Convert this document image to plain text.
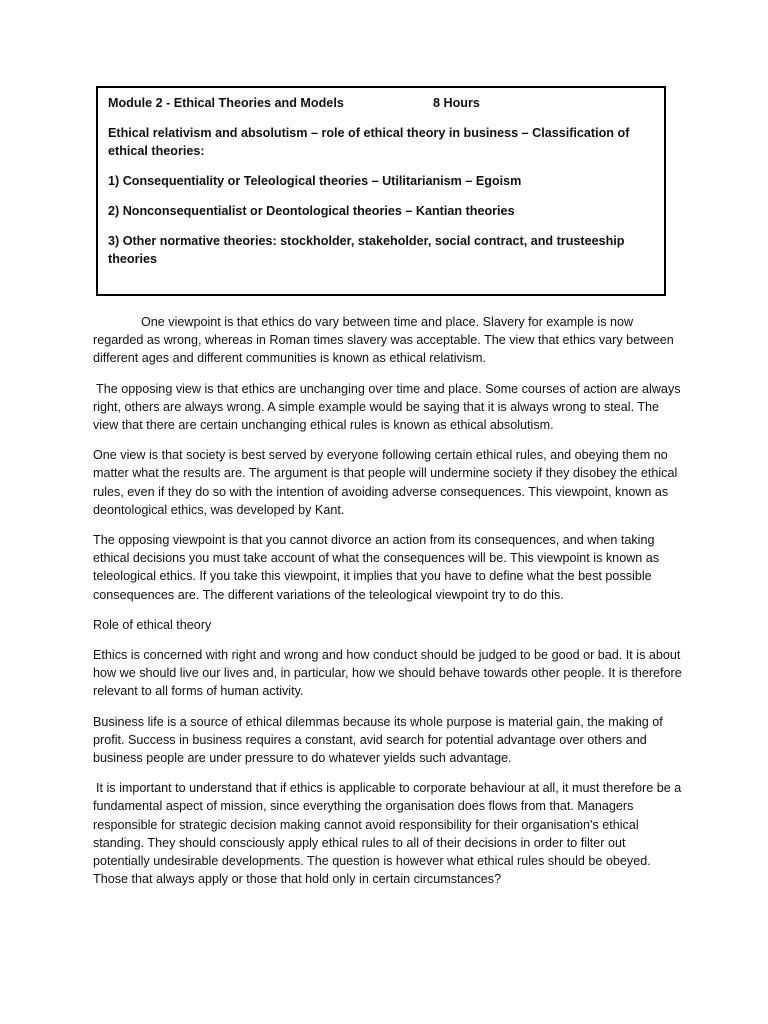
Module 2 - Ethical Theories and Models	8 Hours
Ethical relativism and absolutism – role of ethical theory in business – Classification of ethical theories:
1) Consequentiality or Teleological theories – Utilitarianism – Egoism
2) Nonconsequentialist or Deontological theories – Kantian theories
3) Other normative theories: stockholder, stakeholder, social contract, and trusteeship theories

One viewpoint is that ethics do vary between time and place. Slavery for example is now regarded as wrong, whereas in Roman times slavery was acceptable. The view that ethics vary between different ages and different communities is known as ethical relativism.

The opposing view is that ethics are unchanging over time and place. Some courses of action are always right, others are always wrong. A simple example would be saying that it is always wrong to steal. The view that there are certain unchanging ethical rules is known as ethical absolutism.

One view is that society is best served by everyone following certain ethical rules, and obeying them no matter what the results are. The argument is that people will undermine society if they disobey the ethical rules, even if they do so with the intention of avoiding adverse consequences. This viewpoint, known as deontological ethics, was developed by Kant.

The opposing viewpoint is that you cannot divorce an action from its consequences, and when taking ethical decisions you must take account of what the consequences will be. This viewpoint is known as teleological ethics. If you take this viewpoint, it implies that you have to define what the best possible consequences are. The different variations of the teleological viewpoint try to do this.

Role of ethical theory

Ethics is concerned with right and wrong and how conduct should be judged to be good or bad. It is about how we should live our lives and, in particular, how we should behave towards other people. It is therefore relevant to all forms of human activity.

Business life is a source of ethical dilemmas because its whole purpose is material gain, the making of profit. Success in business requires a constant, avid search for potential advantage over others and business people are under pressure to do whatever yields such advantage.

It is important to understand that if ethics is applicable to corporate behaviour at all, it must therefore be a fundamental aspect of mission, since everything the organisation does flows from that. Managers responsible for strategic decision making cannot avoid responsibility for their organisation's ethical standing. They should consciously apply ethical rules to all of their decisions in order to filter out potentially undesirable developments. The question is however what ethical rules should be obeyed. Those that always apply or those that hold only in certain circumstances?
